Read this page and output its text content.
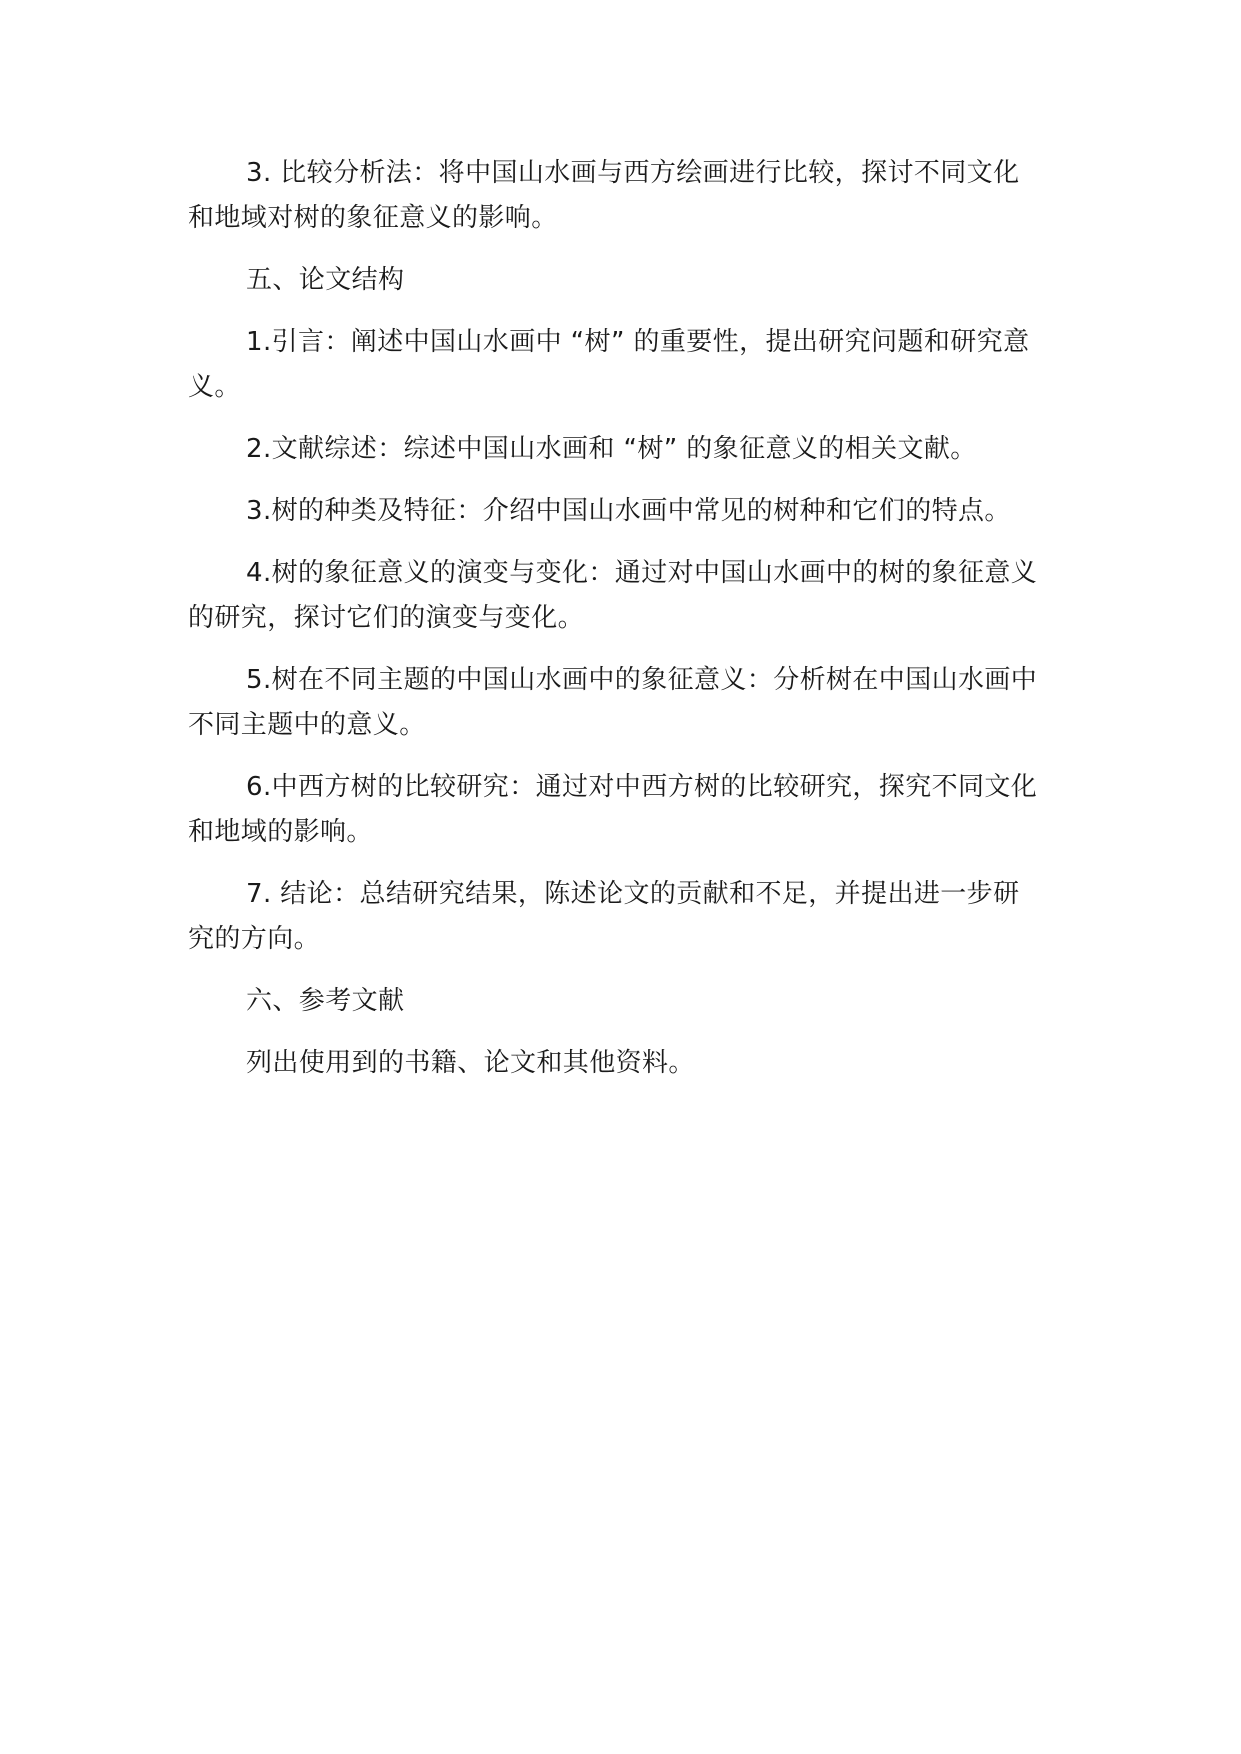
3. 比较分析法：将中国山水画与西方绘画进行比较，探讨不同文化和地域对树的象征意义的影响。

五、论文结构

1.引言：阐述中国山水画中 “树” 的重要性，提出研究问题和研究意义。

2.文献综述：综述中国山水画和 “树” 的象征意义的相关文献。

3.树的种类及特征：介绍中国山水画中常见的树种和它们的特点。

4.树的象征意义的演变与变化：通过对中国山水画中的树的象征意义的研究，探讨它们的演变与变化。

5.树在不同主题的中国山水画中的象征意义：分析树在中国山水画中不同主题中的意义。

6.中西方树的比较研究：通过对中西方树的比较研究，探究不同文化和地域的影响。

7. 结论：总结研究结果，陈述论文的贡献和不足，并提出进一步研究的方向。

六、参考文献

列出使用到的书籍、论文和其他资料。
